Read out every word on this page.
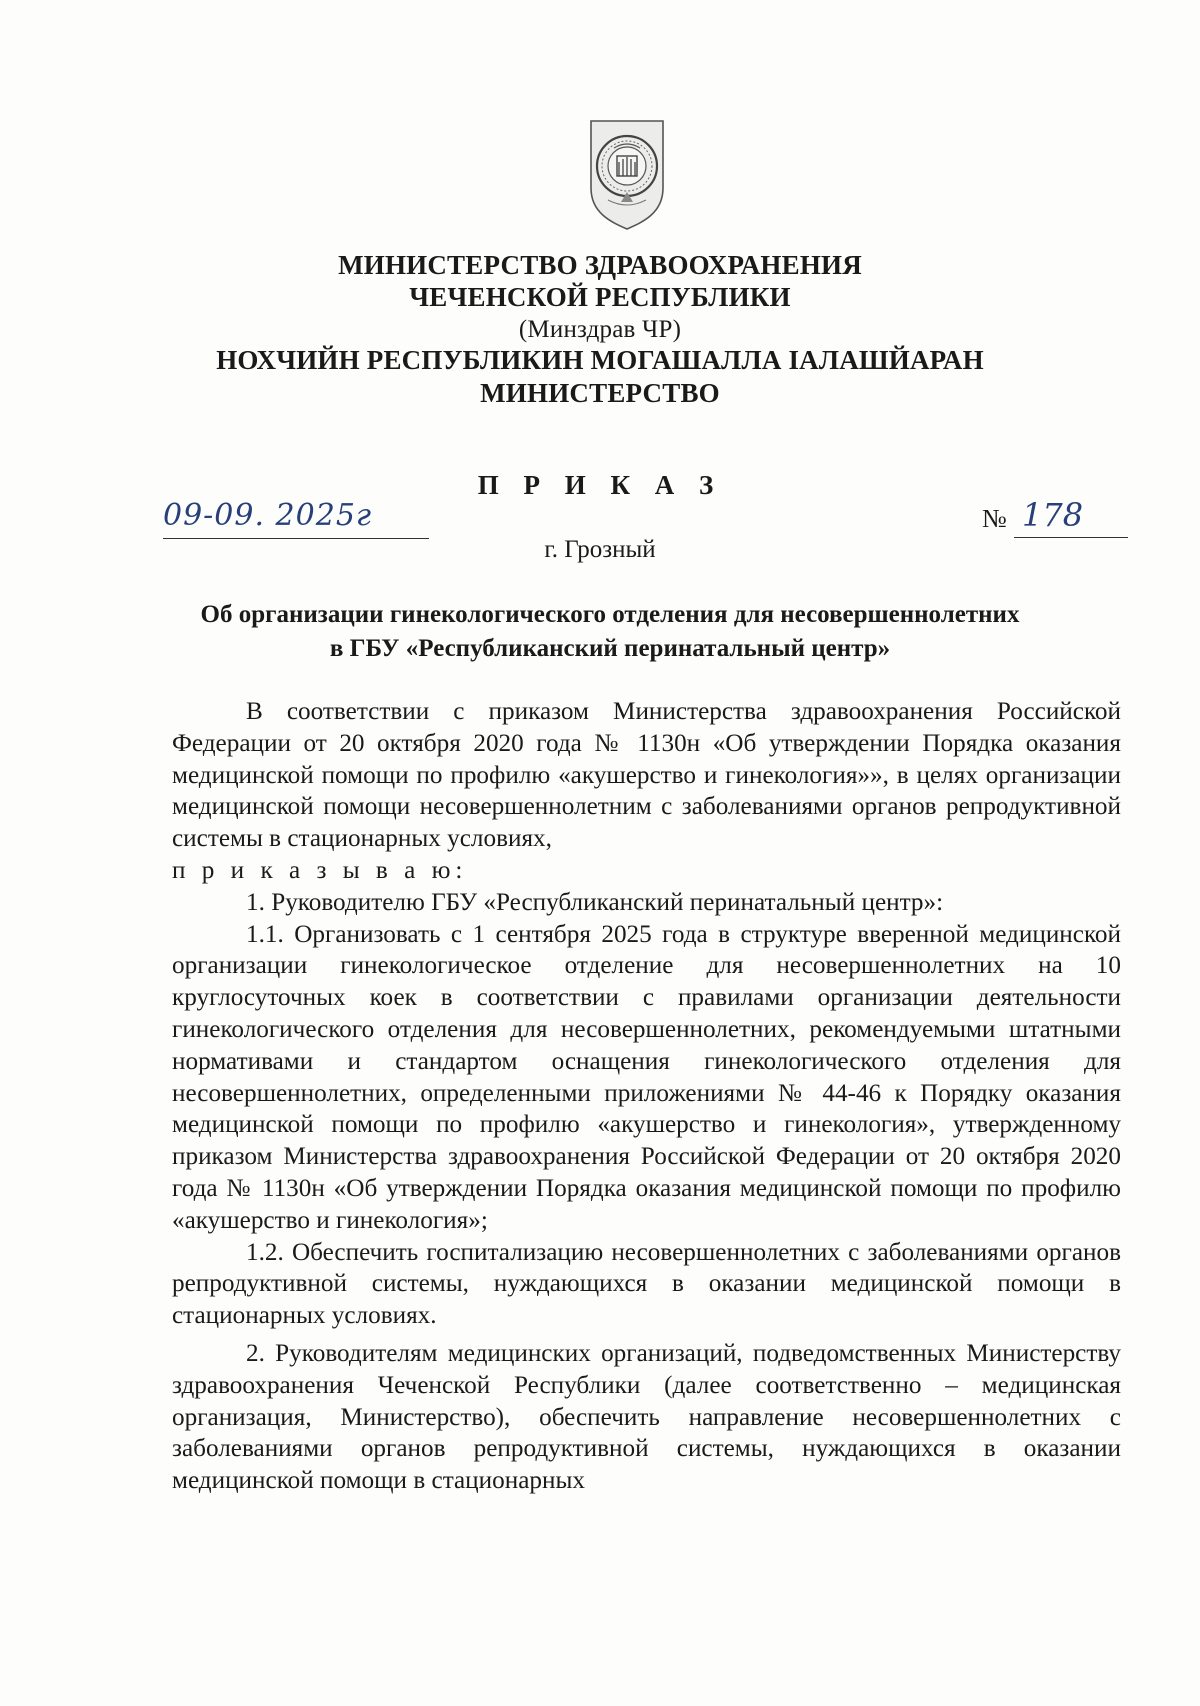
МИНИСТЕРСТВО ЗДРАВООХРАНЕНИЯ
ЧЕЧЕНСКОЙ РЕСПУБЛИКИ
(Минздрав ЧР)
НОХЧИЙН РЕСПУБЛИКИН МОГАШАЛЛА ІАЛАШЙАРАН
МИНИСТЕРСТВО
П Р И К А З
09-09. 2025г	№ 178
г. Грозный
Об организации гинекологического отделения для несовершеннолетних
в ГБУ «Республиканский перинатальный центр»

В соответствии с приказом Министерства здравоохранения Российской Федерации от 20 октября 2020 года № 1130н «Об утверждении Порядка оказания медицинской помощи по профилю «акушерство и гинекология»», в целях организации медицинской помощи несовершеннолетним с заболеваниями органов репродуктивной системы в стационарных условиях,

п р и к а з ы в а ю:

1. Руководителю ГБУ «Республиканский перинатальный центр»:

1.1. Организовать с 1 сентября 2025 года в структуре вверенной медицинской организации гинекологическое отделение для несовершеннолетних на 10 круглосуточных коек в соответствии с правилами организации деятельности гинекологического отделения для несовершеннолетних, рекомендуемыми штатными нормативами и стандартом оснащения гинекологического отделения для несовершеннолетних, определенными приложениями № 44-46 к Порядку оказания медицинской помощи по профилю «акушерство и гинекология», утвержденному приказом Министерства здравоохранения Российской Федерации от 20 октября 2020 года № 1130н «Об утверждении Порядка оказания медицинской помощи по профилю «акушерство и гинекология»;

1.2. Обеспечить госпитализацию несовершеннолетних с заболеваниями органов репродуктивной системы, нуждающихся в оказании медицинской помощи в стационарных условиях.

2. Руководителям медицинских организаций, подведомственных Министерству здравоохранения Чеченской Республики (далее соответственно – медицинская организация, Министерство), обеспечить направление несовершеннолетних с заболеваниями органов репродуктивной системы, нуждающихся в оказании медицинской помощи в стационарных
